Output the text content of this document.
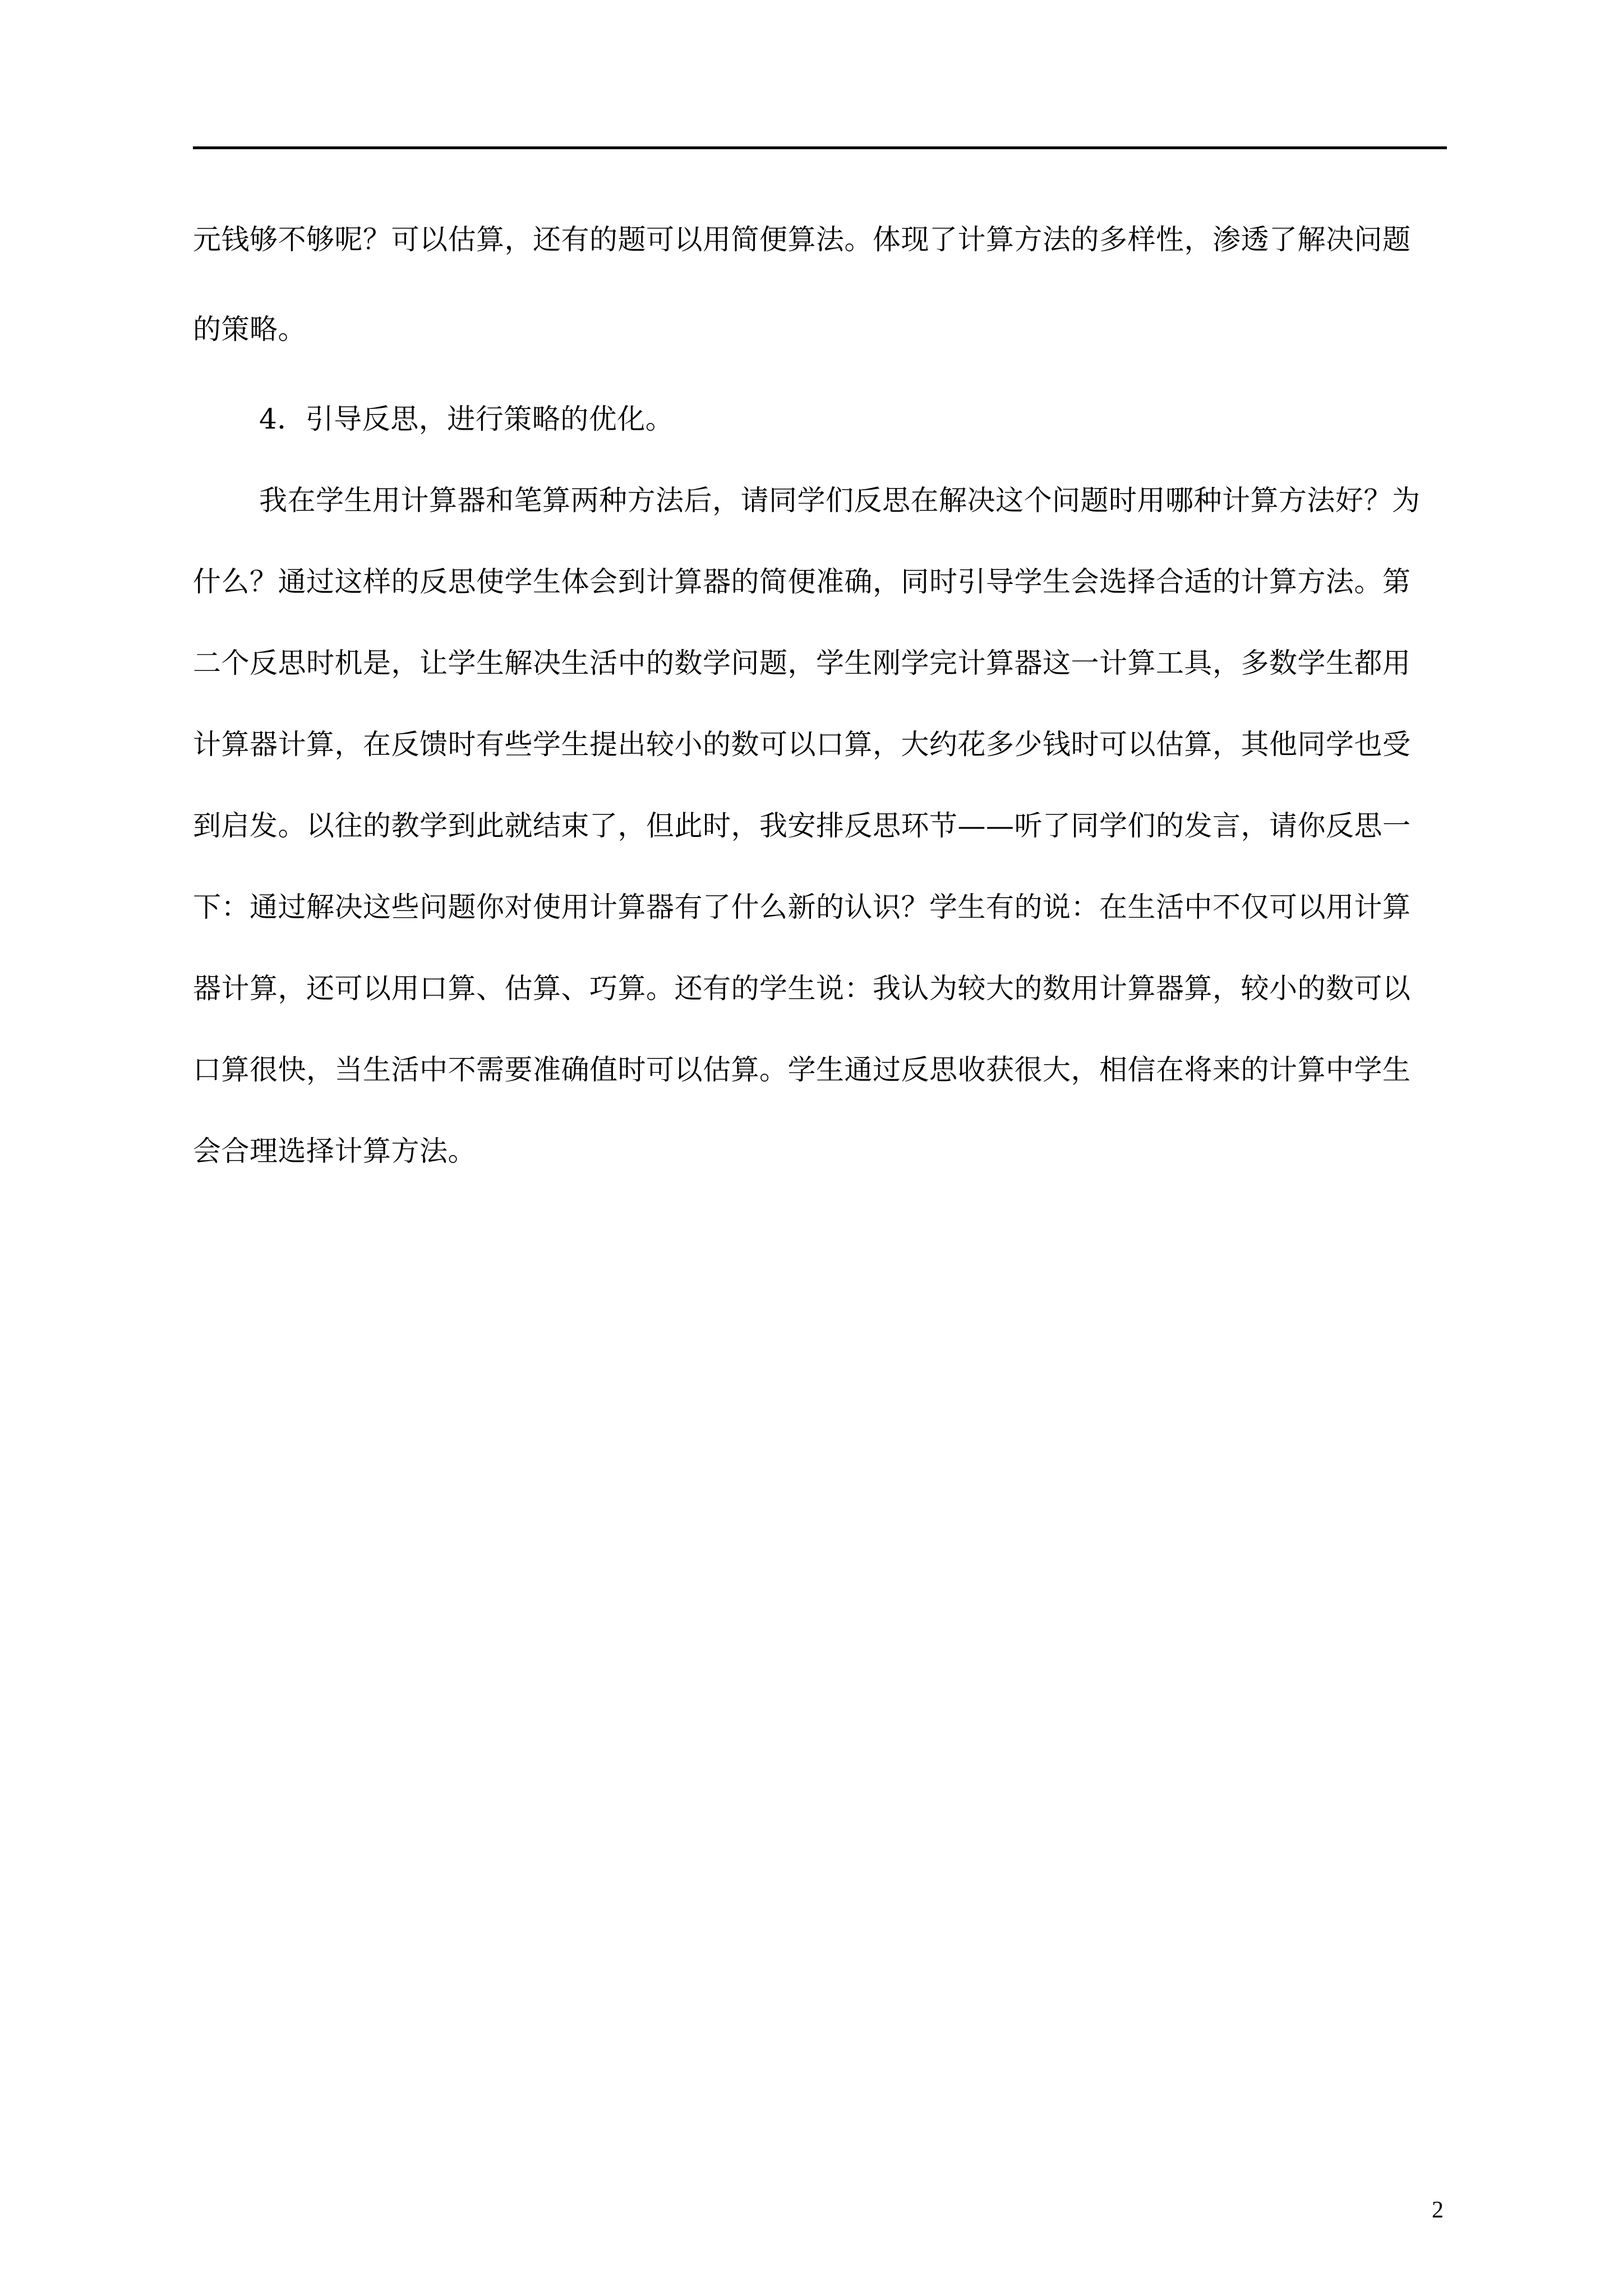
元钱够不够呢？可以估算，还有的题可以用简便算法。体现了计算方法的多样性，渗透了解决问题
的策略。
4．引导反思，进行策略的优化。
我在学生用计算器和笔算两种方法后，请同学们反思在解决这个问题时用哪种计算方法好？为
什么？通过这样的反思使学生体会到计算器的简便准确，同时引导学生会选择合适的计算方法。第
二个反思时机是，让学生解决生活中的数学问题，学生刚学完计算器这一计算工具，多数学生都用
计算器计算，在反馈时有些学生提出较小的数可以口算，大约花多少钱时可以估算，其他同学也受
到启发。以往的教学到此就结束了，但此时，我安排反思环节——听了同学们的发言，请你反思一
下：通过解决这些问题你对使用计算器有了什么新的认识？学生有的说：在生活中不仅可以用计算
器计算，还可以用口算、估算、巧算。还有的学生说：我认为较大的数用计算器算，较小的数可以
口算很快，当生活中不需要准确值时可以估算。学生通过反思收获很大，相信在将来的计算中学生
会合理选择计算方法。
2
